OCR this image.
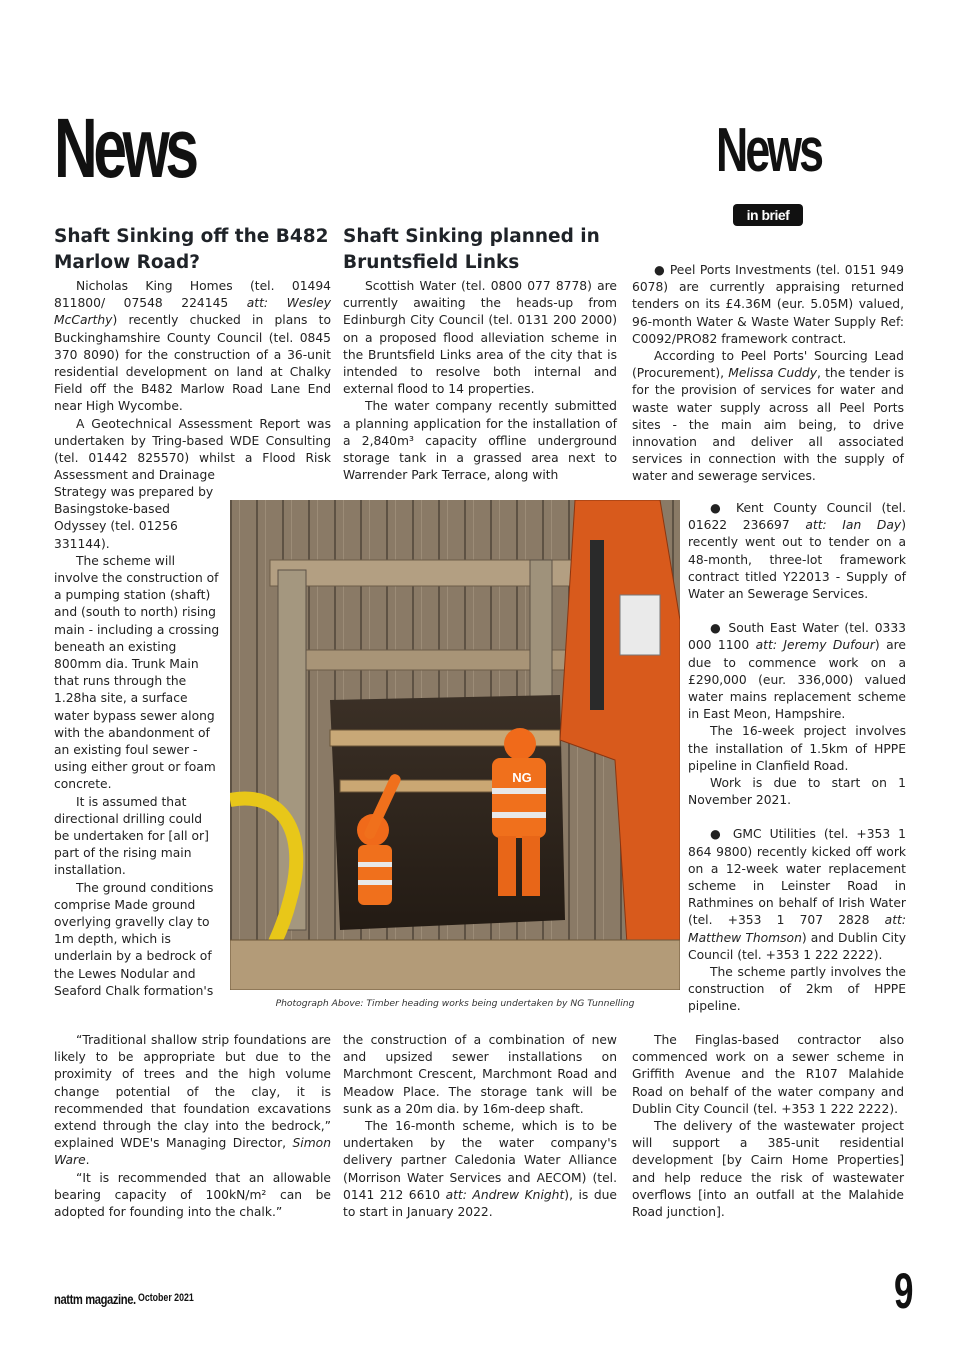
News	News
in brief
Shaft Sinking off the B482 Marlow Road?

Nicholas King Homes (tel. 01494 811800/ 07548 224145 att: Wesley McCarthy) recently chucked in plans to Buckinghamshire County Council (tel. 0845 370 8090) for the construction of a 36-unit residential development on land at Chalky Field off the B482 Marlow Road Lane End near High Wycombe.

A Geotechnical Assessment Report was undertaken by Tring-based WDE Consulting (tel. 01442 825570) whilst a Flood Risk Assessment and Drainage

Strategy was prepared by Basingstoke-based Odyssey (tel. 01256 331144).

The scheme will involve the construction of a pumping station (shaft) and (south to north) rising main - including a crossing beneath an existing 800mm dia. Trunk Main that runs through the 1.28ha site, a surface water bypass sewer along with the abandonment of an existing foul sewer - using either grout or foam concrete.

It is assumed that directional drilling could be undertaken for [all or] part of the rising main installation.

The ground conditions comprise Made ground overlying gravelly clay to 1m depth, which is underlain by a bedrock of the Lewes Nodular and Seaford Chalk formation's

“Traditional shallow strip foundations are likely to be appropriate but due to the proximity of trees and the high volume change potential of the clay, it is recommended that foundation excavations extend through the clay into the bedrock,” explained WDE's Managing Director, Simon Ware.

“It is recommended that an allowable bearing capacity of 100kN/m² can be adopted for founding into the chalk.”

Shaft Sinking planned in Bruntsfield Links

Scottish Water (tel. 0800 077 8778) are currently awaiting the heads-up from Edinburgh City Council (tel. 0131 200 2000) on a proposed flood alleviation scheme in the Bruntsfield Links area of the city that is intended to resolve both internal and external flood to 14 properties.

The water company recently submitted a planning application for the installation of a 2,840m³ capacity offline underground storage tank in a grassed area next to Warrender Park Terrace, along with

the construction of a combination of new and upsized sewer installations on Marchmont Crescent, Marchmont Road and Meadow Place. The storage tank will be sunk as a 20m dia. by 16m-deep shaft.

The 16-month scheme, which is to be undertaken by the water company's delivery partner Caledonia Water Alliance (Morrison Water Services and AECOM) (tel. 0141 212 6610 att: Andrew Knight), is due to start in January 2022.

● Peel Ports Investments (tel. 0151 949 6078) are currently appraising returned tenders on its £4.36M (eur. 5.05M) valued, 96-month Water & Waste Water Supply Ref: C0092/PRO82 framework contract.

According to Peel Ports' Sourcing Lead (Procurement), Melissa Cuddy, the tender is for the provision of services for water and waste water supply across all Peel Ports sites - the main aim being, to drive innovation and deliver all associated services in connection with the supply of water and sewerage services.

● Kent County Council (tel. 01622 236697 att: Ian Day) recently went out to tender on a 48-month, three-lot framework contract titled Y22013 - Supply of Water an Sewerage Services.

● South East Water (tel. 0333 000 1100 att: Jeremy Dufour) are due to commence work on a £290,000 (eur. 336,000) valued water mains replacement scheme in East Meon, Hampshire.

The 16-week project involves the installation of 1.5km of HPPE pipeline in Clanfield Road.

Work is due to start on 1 November 2021.

● GMC Utilities (tel. +353 1 864 9800) recently kicked off work on a 12-week water replacement scheme in Leinster Road in Rathmines on behalf of Irish Water (tel. +353 1 707 2828 att: Matthew Thomson) and Dublin City Council (tel. +353 1 222 2222).

The scheme partly involves the construction of 2km of HPPE pipeline.

The Finglas-based contractor also commenced work on a sewer scheme in Griffith Avenue and the R107 Malahide Road on behalf of the water company and Dublin City Council (tel. +353 1 222 2222).

The delivery of the wastewater project will support a 385-unit residential development [by Cairn Home Properties] and help reduce the risk of wastewater overflows [into an outfall at the Malahide Road junction].

NG
Photograph Above: Timber heading works being undertaken by NG Tunnelling
nattm magazine. October 2021	9
